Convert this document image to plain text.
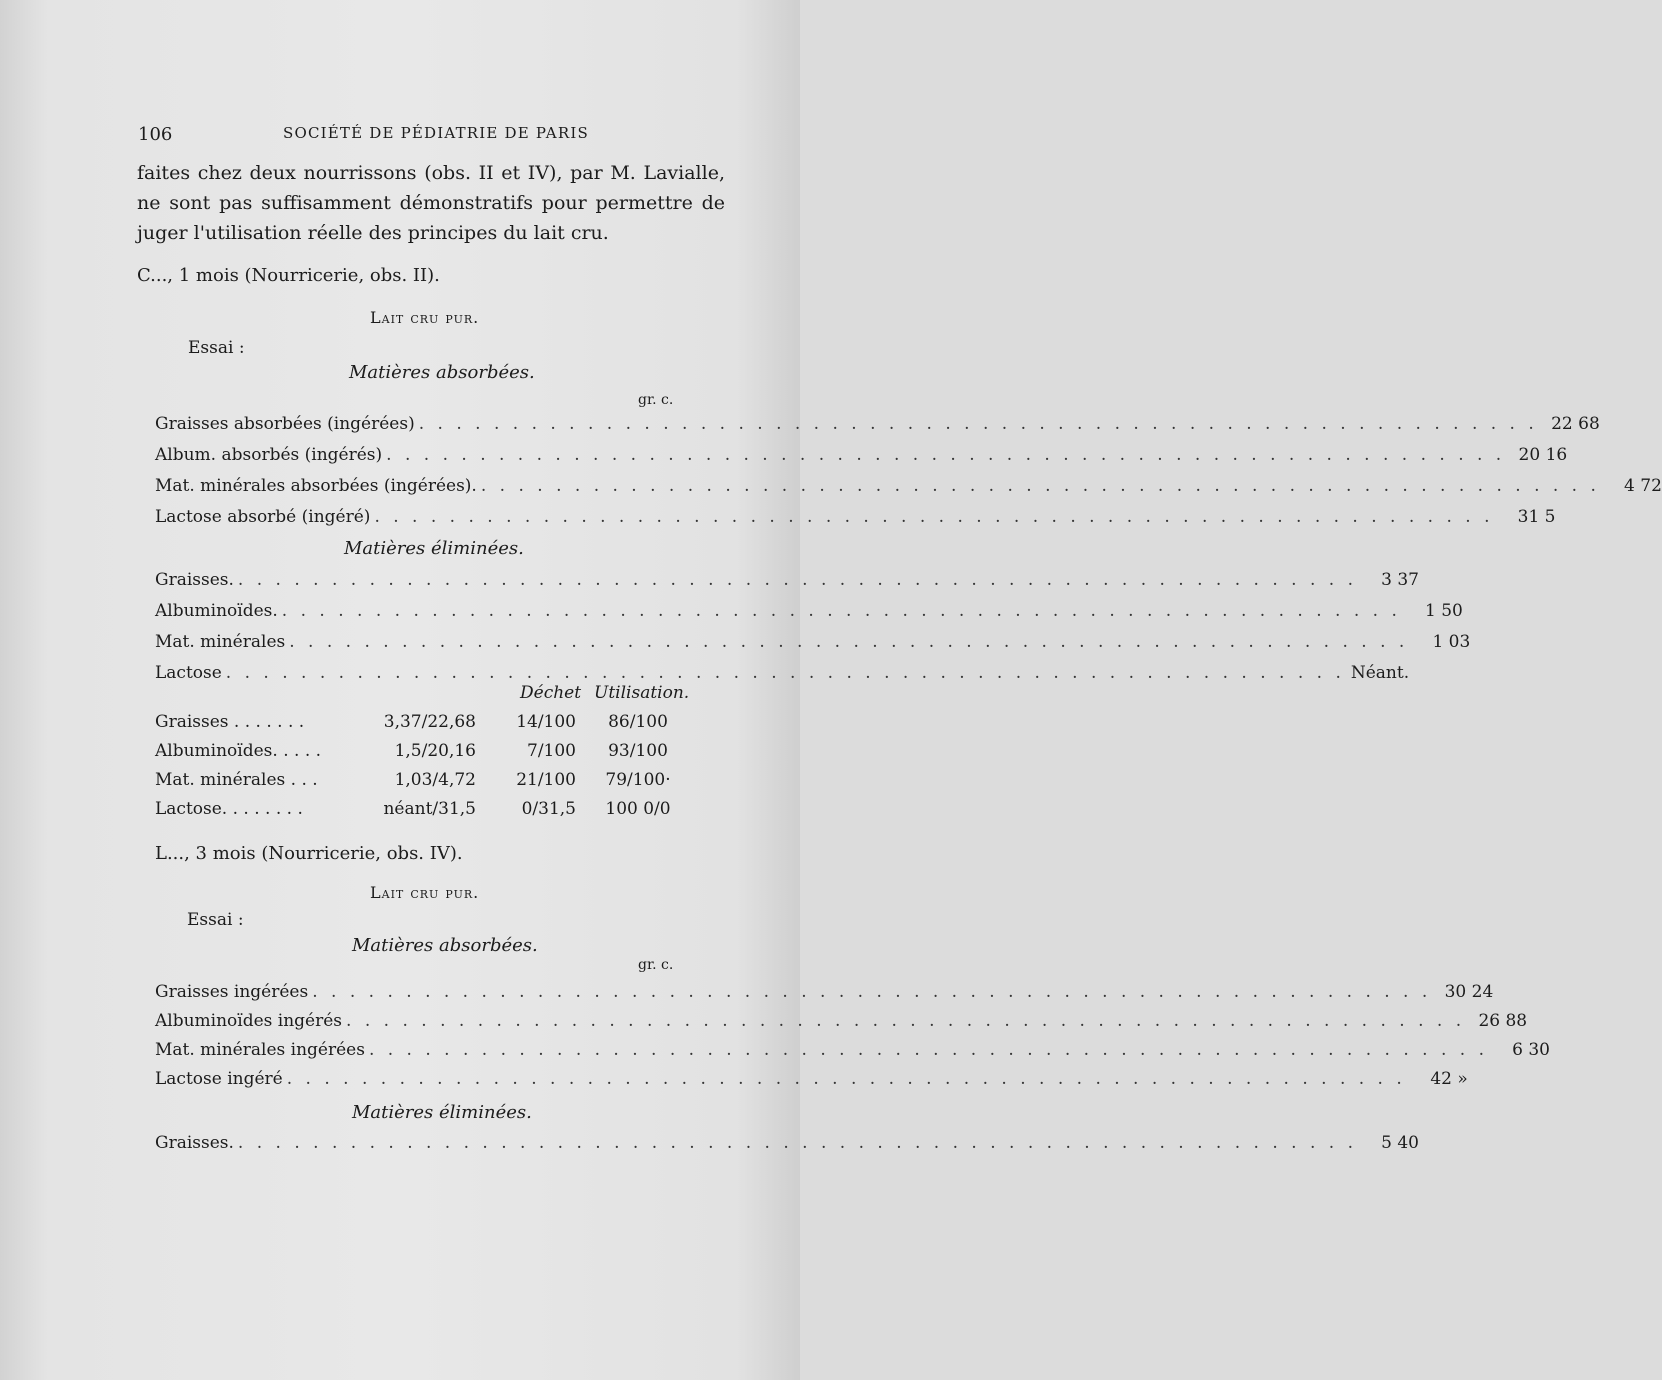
106	SOCIÉTÉ DE PÉDIATRIE DE PARIS
faites chez deux nourrissons (obs. II et IV), par M. Lavialle, ne sont pas suffisamment démonstratifs pour permettre de juger l'utilisation réelle des principes du lait cru.
C..., 1 mois (Nourricerie, obs. II).
Lait cru pur.
Essai :
Matières absorbées.
gr. c.
Graisses absorbées (ingérées) . . . . . . . . . . . . . . . . . . . . . . . . . . . . . . . . . . . . . . . . . . . . . . . . . . . . . . . . . . . . 22 68
Album. absorbés (ingérés) . . . . . . . . . . . . . . . . . . . . . . . . . . . . . . . . . . . . . . . . . . . . . . . . . . . . . . . . . . . . 20 16
Mat. minérales absorbées (ingérées). . . . . . . . . . . . . . . . . . . . . . . . . . . . . . . . . . . . . . . . . . . . . . . . . . . . . . . . . . . . .	4 72
Lactose absorbé (ingéré) . . . . . . . . . . . . . . . . . . . . . . . . . . . . . . . . . . . . . . . . . . . . . . . . . . . . . . . . . . . .	31 5
Matières éliminées.
Graisses. . . . . . . . . . . . . . . . . . . . . . . . . . . . . . . . . . . . . . . . . . . . . . . . . . . . . . . . . . . . .	3 37
Albuminoïdes. . . . . . . . . . . . . . . . . . . . . . . . . . . . . . . . . . . . . . . . . . . . . . . . . . . . . . . . . . . . .	1 50
Mat. minérales . . . . . . . . . . . . . . . . . . . . . . . . . . . . . . . . . . . . . . . . . . . . . . . . . . . . . . . . . . . .	1 03
Lactose . . . . . . . . . . . . . . . . . . . . . . . . . . . . . . . . . . . . . . . . . . . . . . . . . . . . . . . . . . . . Néant.
Déchet Utilisation.
Graisses . . . . . . .	3,37/22,68	14/100	86/100
Albuminoïdes. . . . .	1,5/20,16	7/100	93/100
Mat. minérales . . .	1,03/4,72	21/100	79/100·
Lactose. . . . . . . .	néant/31,5	0/31,5	100 0/0
L..., 3 mois (Nourricerie, obs. IV).
Lait cru pur.
Essai :
Matières absorbées.
gr. c.
Graisses ingérées . . . . . . . . . . . . . . . . . . . . . . . . . . . . . . . . . . . . . . . . . . . . . . . . . . . . . . . . . . . . 30 24
Albuminoïdes ingérés . . . . . . . . . . . . . . . . . . . . . . . . . . . . . . . . . . . . . . . . . . . . . . . . . . . . . . . . . . . . 26 88
Mat. minérales ingérées . . . . . . . . . . . . . . . . . . . . . . . . . . . . . . . . . . . . . . . . . . . . . . . . . . . . . . . . . . . .	6 30
Lactose ingéré . . . . . . . . . . . . . . . . . . . . . . . . . . . . . . . . . . . . . . . . . . . . . . . . . . . . . . . . . . . .	42 »
Matières éliminées.
Graisses. . . . . . . . . . . . . . . . . . . . . . . . . . . . . . . . . . . . . . . . . . . . . . . . . . . . . . . . . . . . .	5 40
